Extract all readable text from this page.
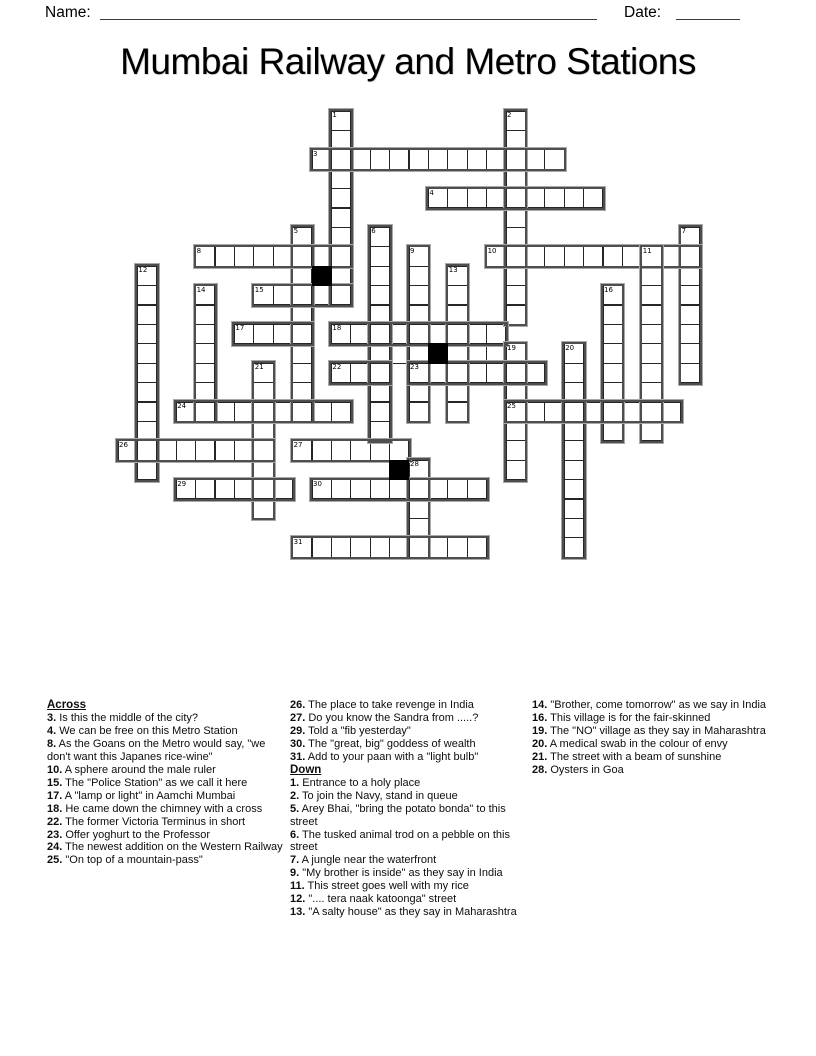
Name:	Date:
Mumbai Railway and Metro Stations
1	2
3
4
5	6	7
8	9	10	11
12	13
14	15	16
17	18
19	20
21	22	23
24	25
26	27
28
29	30
31
Across
3. Is this the middle of the city?
4. We can be free on this Metro Station
8. As the Goans on the Metro would say, "we don't want this Japanes rice-wine"
10. A sphere around the male ruler
15. The "Police Station" as we call it here
17. A "lamp or light" in Aamchi Mumbai
18. He came down the chimney with a cross
22. The former Victoria Terminus in short
23. Offer yoghurt to the Professor
24. The newest addition on the Western Railway
25. "On top of a mountain-pass"
26. The place to take revenge in India
27. Do you know the Sandra from .....?
29. Told a "fib yesterday"
30. The "great, big" goddess of wealth
31. Add to your paan with a "light bulb"
Down
1. Entrance to a holy place
2. To join the Navy, stand in queue
5. Arey Bhai, "bring the potato bonda" to this street
6. The tusked animal trod on a pebble on this street
7. A jungle near the waterfront
9. "My brother is inside" as they say in India
11. This street goes well with my rice
12. ".... tera naak katoonga" street
13. "A salty house" as they say in Maharashtra
14. "Brother, come tomorrow" as we say in India
16. This village is for the fair-skinned
19. The "NO" village as they say in Maharashtra
20. A medical swab in the colour of envy
21. The street with a beam of sunshine
28. Oysters in Goa
